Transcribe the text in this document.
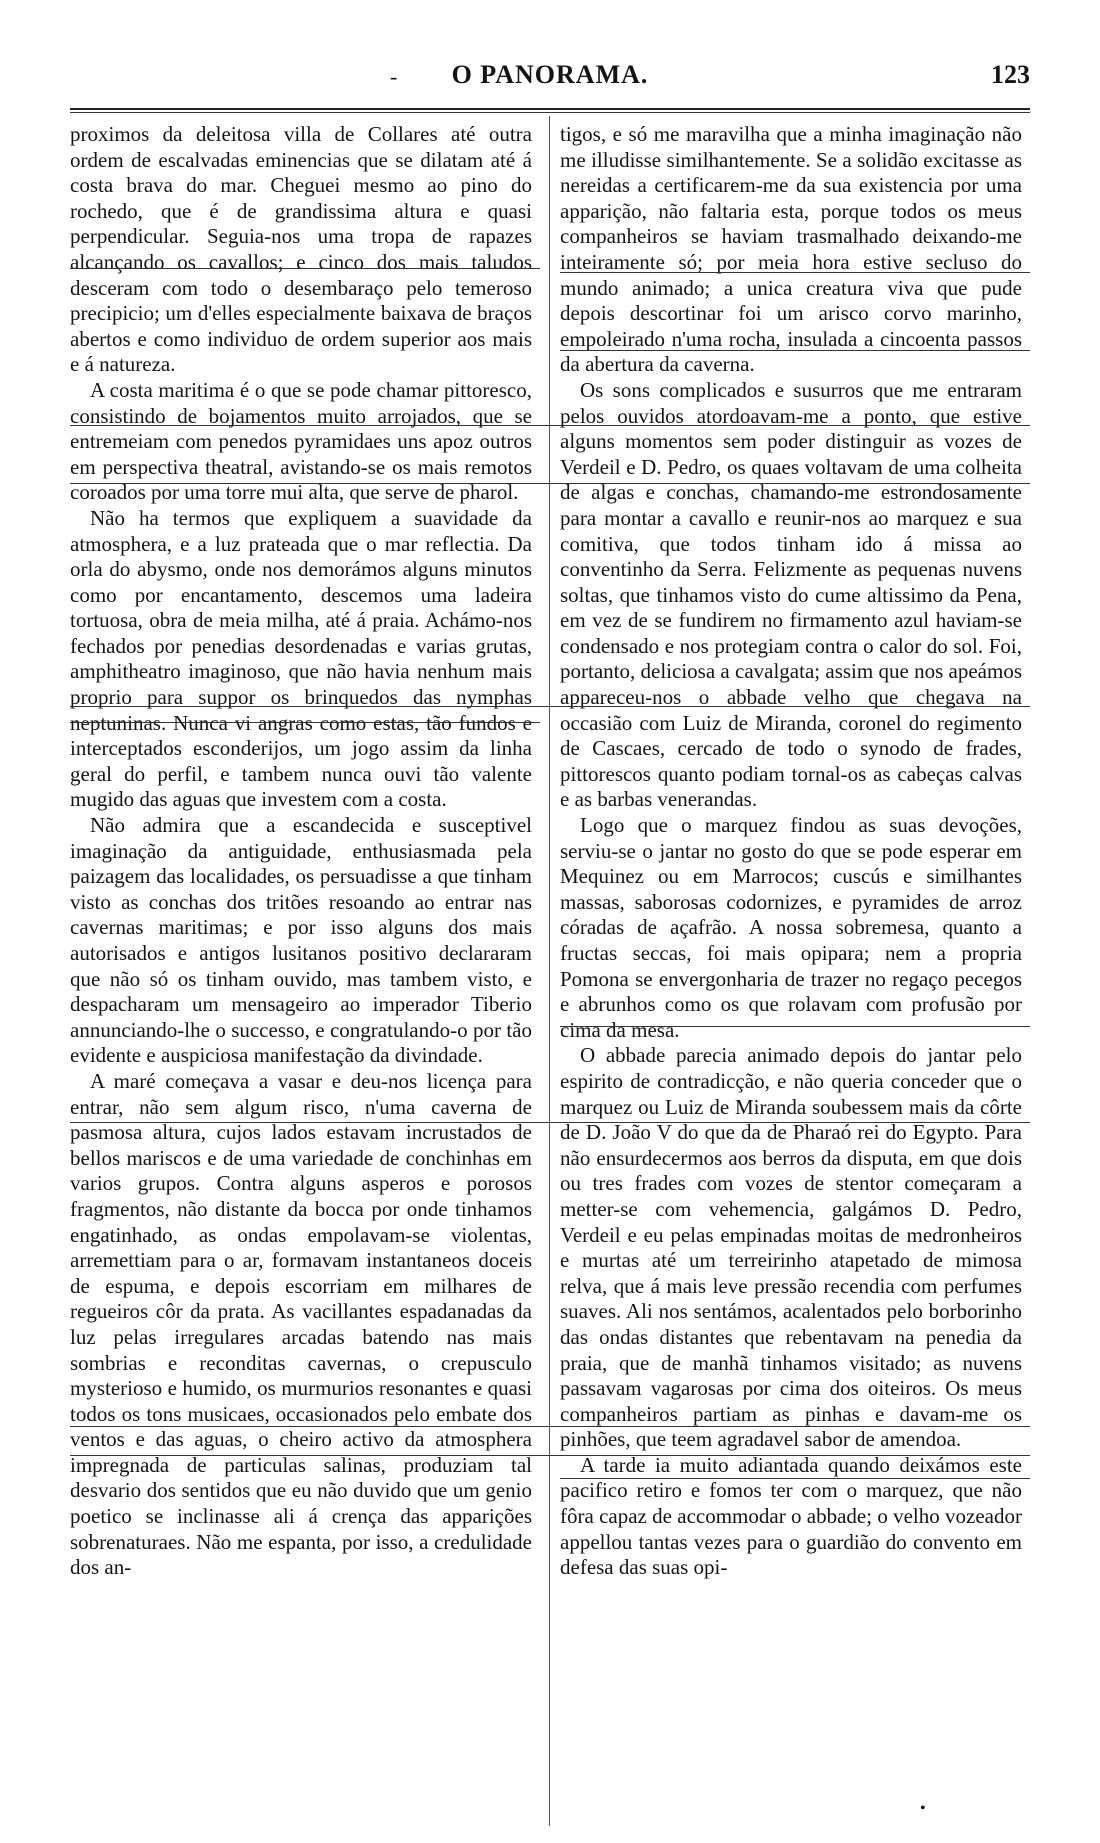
-	O PANORAMA.	123

proximos da deleitosa villa de Collares até outra ordem de escalvadas eminencias que se dilatam até á costa brava do mar. Cheguei mesmo ao pino do rochedo, que é de grandissima altura e quasi perpendicular. Seguia-nos uma tropa de rapazes alcançando os cavallos; e cinco dos mais taludos desceram com todo o desembaraço pelo temeroso precipicio; um d'elles especialmente baixava de braços abertos e como individuo de ordem superior aos mais e á natureza.

A costa maritima é o que se pode chamar pittoresco, consistindo de bojamentos muito arrojados, que se entremeiam com penedos pyramidaes uns apoz outros em perspectiva theatral, avistando-se os mais remotos coroados por uma torre mui alta, que serve de pharol.

Não ha termos que expliquem a suavidade da atmosphera, e a luz prateada que o mar reflectia. Da orla do abysmo, onde nos demorámos alguns minutos como por encantamento, descemos uma ladeira tortuosa, obra de meia milha, até á praia. Achámo-nos fechados por penedias desordenadas e varias grutas, amphitheatro imaginoso, que não havia nenhum mais proprio para suppor os brinquedos das nymphas neptuninas. Nunca vi angras como estas, tão fundos e interceptados esconderijos, um jogo assim da linha geral do perfil, e tambem nunca ouvi tão valente mugido das aguas que investem com a costa.

Não admira que a escandecida e susceptivel imaginação da antiguidade, enthusiasmada pela paizagem das localidades, os persuadisse a que tinham visto as conchas dos tritões resoando ao entrar nas cavernas maritimas; e por isso alguns dos mais autorisados e antigos lusitanos positivo declararam que não só os tinham ouvido, mas tambem visto, e despacharam um mensageiro ao imperador Tiberio annunciando-lhe o successo, e congratulando-o por tão evidente e auspiciosa manifestação da divindade.

A maré começava a vasar e deu-nos licença para entrar, não sem algum risco, n'uma caverna de pasmosa altura, cujos lados estavam incrustados de bellos mariscos e de uma variedade de conchinhas em varios grupos. Contra alguns asperos e porosos fragmentos, não distante da bocca por onde tinhamos engatinhado, as ondas empolavam-se violentas, arremettiam para o ar, formavam instantaneos doceis de espuma, e depois escorriam em milhares de regueiros côr da prata. As vacillantes espadanadas da luz pelas irregulares arcadas batendo nas mais sombrias e reconditas cavernas, o crepusculo mysterioso e humido, os murmurios resonantes e quasi todos os tons musicaes, occasionados pelo embate dos ventos e das aguas, o cheiro activo da atmosphera impregnada de particulas salinas, produziam tal desvario dos sentidos que eu não duvido que um genio poetico se inclinasse ali á crença das apparições sobrenaturaes. Não me espanta, por isso, a credulidade dos an-

tigos, e só me maravilha que a minha imaginação não me illudisse similhantemente. Se a solidão excitasse as nereidas a certificarem-me da sua existencia por uma apparição, não faltaria esta, porque todos os meus companheiros se haviam trasmalhado deixando-me inteiramente só; por meia hora estive secluso do mundo animado; a unica creatura viva que pude depois descortinar foi um arisco corvo marinho, empoleirado n'uma rocha, insulada a cincoenta passos da abertura da caverna.

Os sons complicados e susurros que me entraram pelos ouvidos atordoavam-me a ponto, que estive alguns momentos sem poder distinguir as vozes de Verdeil e D. Pedro, os quaes voltavam de uma colheita de algas e conchas, chamando-me estrondosamente para montar a cavallo e reunir-nos ao marquez e sua comitiva, que todos tinham ido á missa ao conventinho da Serra. Felizmente as pequenas nuvens soltas, que tinhamos visto do cume altissimo da Pena, em vez de se fundirem no firmamento azul haviam-se condensado e nos protegiam contra o calor do sol. Foi, portanto, deliciosa a cavalgata; assim que nos apeámos appareceu-nos o abbade velho que chegava na occasião com Luiz de Miranda, coronel do regimento de Cascaes, cercado de todo o synodo de frades, pittorescos quanto podiam tornal-os as cabeças calvas e as barbas venerandas.

Logo que o marquez findou as suas devoções, serviu-se o jantar no gosto do que se pode esperar em Mequinez ou em Marrocos; cuscús e similhantes massas, saborosas codornizes, e pyramides de arroz córadas de açafrão. A nossa sobremesa, quanto a fructas seccas, foi mais opipara; nem a propria Pomona se envergonharia de trazer no regaço pecegos e abrunhos como os que rolavam com profusão por cima da mesa.

O abbade parecia animado depois do jantar pelo espirito de contradicção, e não queria conceder que o marquez ou Luiz de Miranda soubessem mais da côrte de D. João V do que da de Pharaó rei do Egypto. Para não ensurdecermos aos berros da disputa, em que dois ou tres frades com vozes de stentor começaram a metter-se com vehemencia, galgámos D. Pedro, Verdeil e eu pelas empinadas moitas de medronheiros e murtas até um terreirinho atapetado de mimosa relva, que á mais leve pressão recendia com perfumes suaves. Ali nos sentámos, acalentados pelo borborinho das ondas distantes que rebentavam na penedia da praia, que de manhã tinhamos visitado; as nuvens passavam vagarosas por cima dos oiteiros. Os meus companheiros partiam as pinhas e davam-me os pinhões, que teem agradavel sabor de amendoa.

A tarde ia muito adiantada quando deixámos este pacifico retiro e fomos ter com o marquez, que não fôra capaz de accommodar o abbade; o velho vozeador appellou tantas vezes para o guardião do convento em defesa das suas opi-

•
